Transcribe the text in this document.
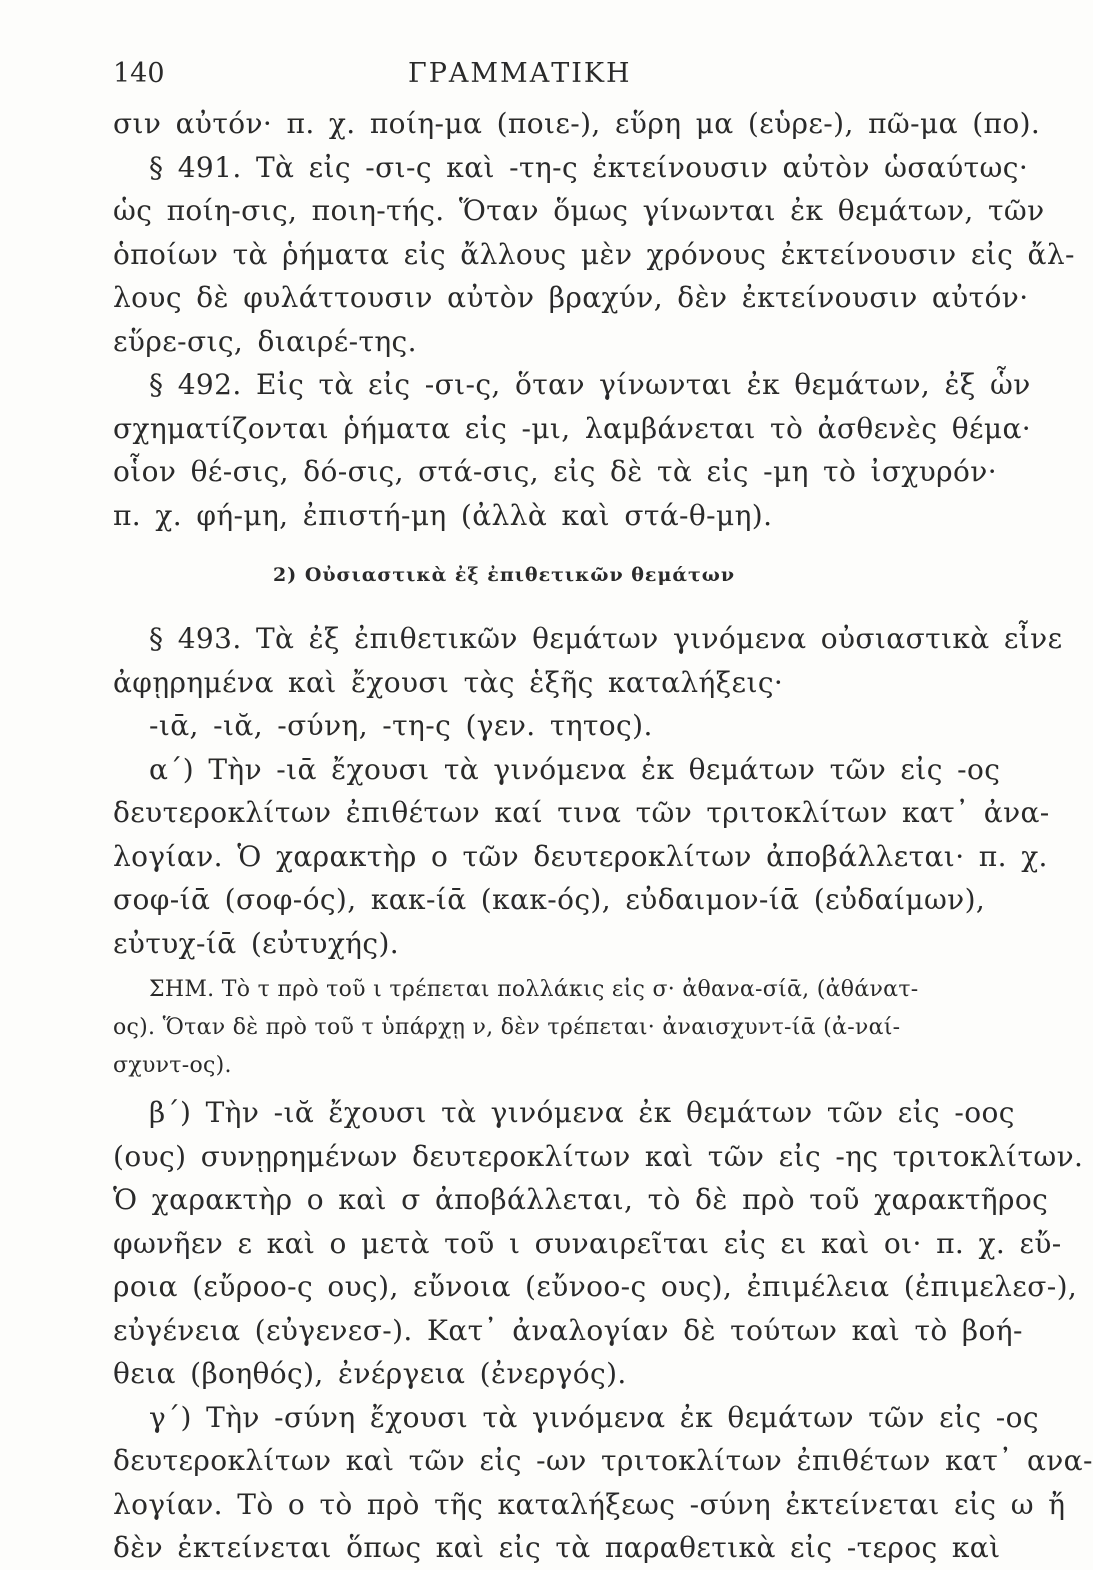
140	ΓΡΑΜΜΑΤΙΚΗ
σιν αὐτόν· π. χ. ποίη-μα (ποιε-), εὕρη μα (εὑρε-), πῶ-μα (πο).
§ 491. Τὰ εἰς -σι-ς καὶ -τη-ς ἐκτείνουσιν αὐτὸν ὡσαύτως·
ὡς ποίη-σις, ποιη-τής. Ὅταν ὅμως γίνωνται ἐκ θεμάτων, τῶν
ὁποίων τὰ ῥήματα εἰς ἄλλους μὲν χρόνους ἐκτείνουσιν εἰς ἄλ-
λους δὲ φυλάττουσιν αὐτὸν βραχύν, δὲν ἐκτείνουσιν αὐτόν·
εὕρε-σις, διαιρέ-της.
§ 492. Εἰς τὰ εἰς -σι-ς, ὅταν γίνωνται ἐκ θεμάτων, ἐξ ὧν
σχηματίζονται ῥήματα εἰς -μι, λαμβάνεται τὸ ἀσθενὲς θέμα·
οἷον θέ-σις, δό-σις, στά-σις, εἰς δὲ τὰ εἰς -μη τὸ ἰσχυρόν·
π. χ. φή-μη, ἐπιστή-μη (ἀλλὰ καὶ στά-θ-μη).
2) Οὐσιαστικὰ ἐξ ἐπιθετικῶν θεμάτων
§ 493. Τὰ ἐξ ἐπιθετικῶν θεμάτων γινόμενα οὐσιαστικὰ εἶνε
ἀφῃρημένα καὶ ἔχουσι τὰς ἑξῆς καταλήξεις·
-ιᾱ, -ιᾰ, -σύνη, -τη-ς (γεν. τητος).
α΄) Τὴν -ιᾱ ἔχουσι τὰ γινόμενα ἐκ θεμάτων τῶν εἰς -ος
δευτεροκλίτων ἐπιθέτων καί τινα τῶν τριτοκλίτων κατ᾽ ἀνα-
λογίαν. Ὁ χαρακτὴρ ο τῶν δευτεροκλίτων ἀποβάλλεται· π. χ.
σοφ-ίᾱ (σοφ-ός), κακ-ίᾱ (κακ-ός), εὐδαιμον-ίᾱ (εὐδαίμων),
εὐτυχ-ίᾱ (εὐτυχής).
ΣΗΜ. Τὸ τ πρὸ τοῦ ι τρέπεται πολλάκις εἰς σ· ἀθανα-σίᾱ, (ἀθάνατ-
ος). Ὅταν δὲ πρὸ τοῦ τ ὑπάρχῃ ν, δὲν τρέπεται· ἀναισχυντ-ίᾱ (ἀ-ναί-
σχυντ-ος).
β΄) Τὴν -ιᾰ ἔχουσι τὰ γινόμενα ἐκ θεμάτων τῶν εἰς -οος
(ους) συνῃρημένων δευτεροκλίτων καὶ τῶν εἰς -ης τριτοκλίτων.
Ὁ χαρακτὴρ ο καὶ σ ἀποβάλλεται, τὸ δὲ πρὸ τοῦ χαρακτῆρος
φωνῆεν ε καὶ ο μετὰ τοῦ ι συναιρεῖται εἰς ει καὶ οι· π. χ. εὔ-
ροια (εὔροο-ς ους), εὔνοια (εὔνοο-ς ους), ἐπιμέλεια (ἐπιμελεσ-),
εὐγένεια (εὐγενεσ-). Κατ᾽ ἀναλογίαν δὲ τούτων καὶ τὸ βοή-
θεια (βοηθός), ἐνέργεια (ἐνεργός).
γ΄) Τὴν -σύνη ἔχουσι τὰ γινόμενα ἐκ θεμάτων τῶν εἰς -ος
δευτεροκλίτων καὶ τῶν εἰς -ων τριτοκλίτων ἐπιθέτων κατ᾽ ανα-
λογίαν. Τὸ ο τὸ πρὸ τῆς καταλήξεως -σύνη ἐκτείνεται εἰς ω ἤ
δὲν ἐκτείνεται ὅπως καὶ εἰς τὰ παραθετικὰ εἰς -τερος καὶ
